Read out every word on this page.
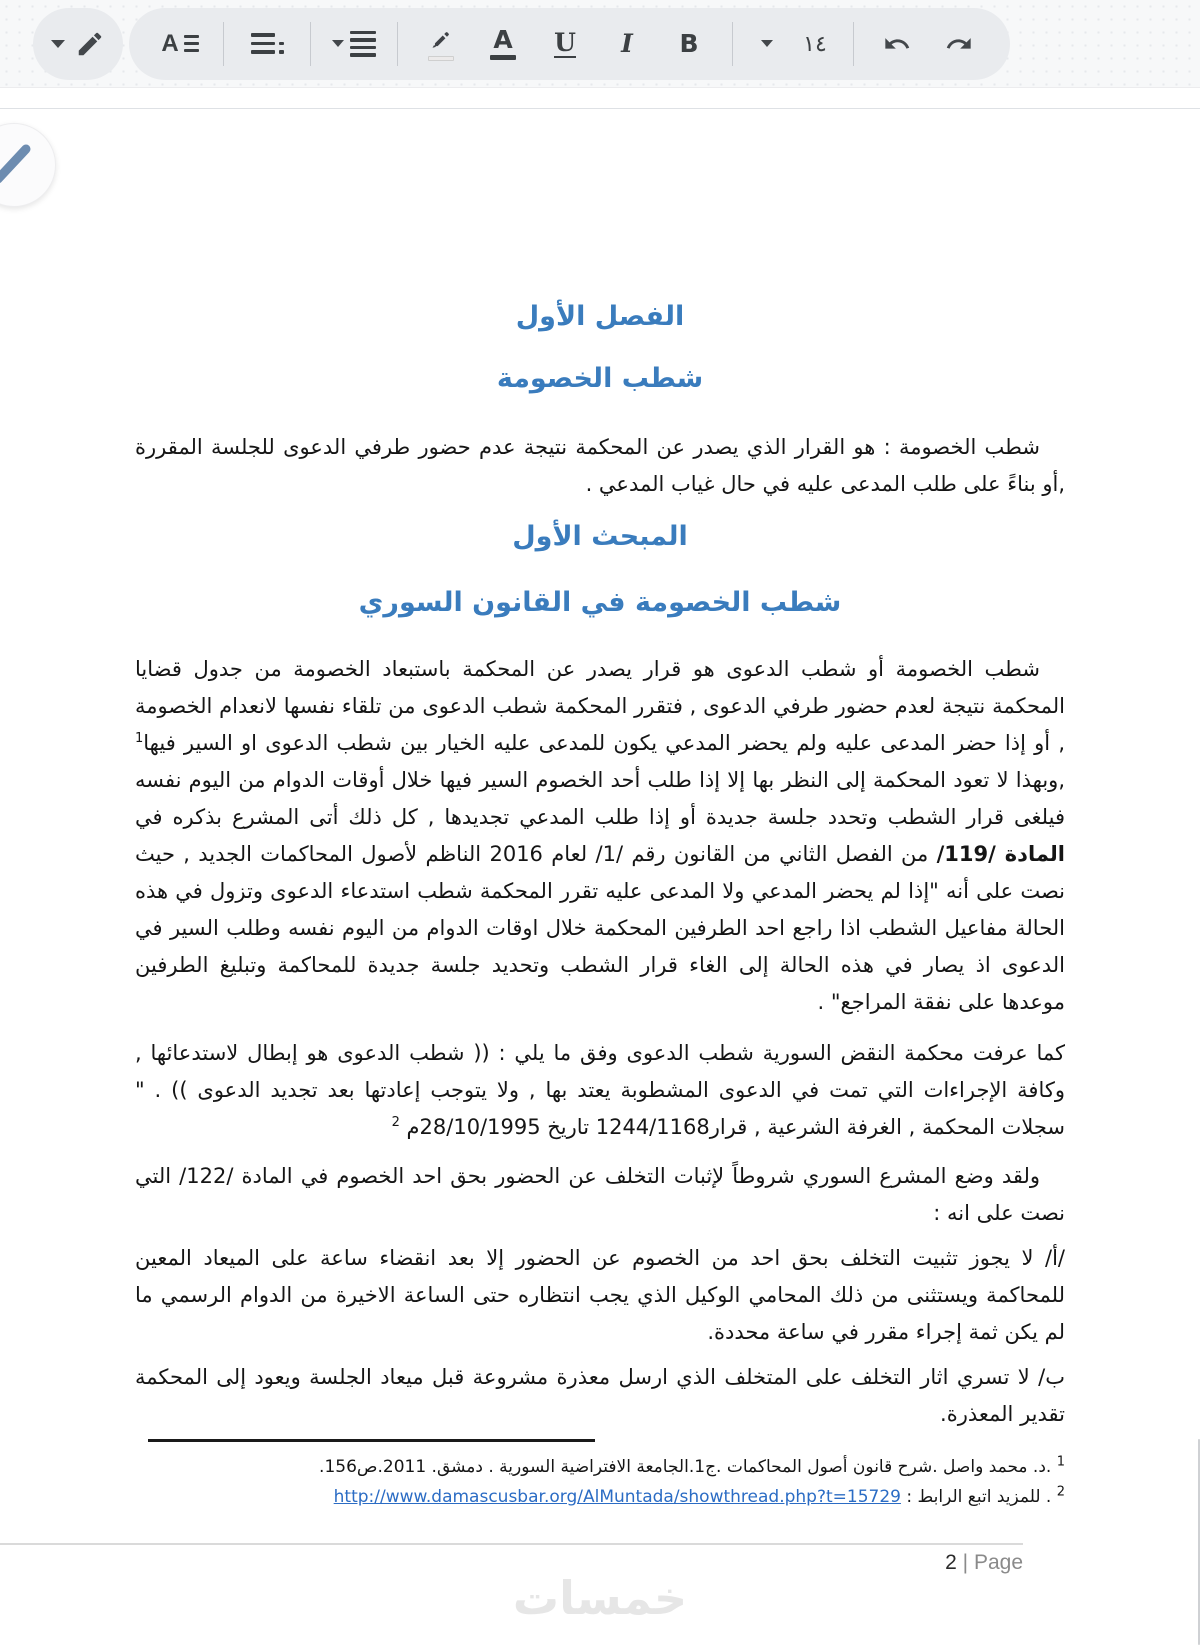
A	A U I B	١٤
الفصل الأول
شطب الخصومة

شطب الخصومة : هو القرار الذي يصدر عن المحكمة نتيجة عدم حضور طرفي الدعوى للجلسة المقررة ,أو بناءً على طلب المدعى عليه في حال غياب المدعي .

المبحث الأول
شطب الخصومة في القانون السوري

شطب الخصومة أو شطب الدعوى هو قرار يصدر عن المحكمة باستبعاد الخصومة من جدول قضايا المحكمة نتيجة لعدم حضور طرفي الدعوى , فتقرر المحكمة شطب الدعوى من تلقاء نفسها لانعدام الخصومة , أو إذا حضر المدعى عليه ولم يحضر المدعي يكون للمدعى عليه الخيار بين شطب الدعوى او السير فيها$^1$ ,وبهذا لا تعود المحكمة إلى النظر بها إلا إذا طلب أحد الخصوم السير فيها خلال أوقات الدوام من اليوم نفسه فيلغى قرار الشطب وتحدد جلسة جديدة أو إذا طلب المدعي تجديدها , كل ذلك أتى المشرع بذكره في المادة /119/ من الفصل الثاني من القانون رقم /1/ لعام 2016 الناظم لأصول المحاكمات الجديد , حيث نصت على أنه "إذا لم يحضر المدعي ولا المدعى عليه تقرر المحكمة شطب استدعاء الدعوى وتزول في هذه الحالة مفاعيل الشطب اذا راجع احد الطرفين المحكمة خلال اوقات الدوام من اليوم نفسه وطلب السير في الدعوى اذ يصار في هذه الحالة إلى الغاء قرار الشطب وتحديد جلسة جديدة للمحاكمة وتبليغ الطرفين موعدها على نفقة المراجع" .

كما عرفت محكمة النقض السورية شطب الدعوى وفق ما يلي : (( شطب الدعوى هو إبطال لاستدعائها , وكافة الإجراءات التي تمت في الدعوى المشطوبة يعتد بها , ولا يتوجب إعادتها بعد تجديد الدعوى )) . " سجلات المحكمة , الغرفة الشرعية , قرار1244/1168 تاريخ 28/10/1995م $^2$

ولقد وضع المشرع السوري شروطاً لإثبات التخلف عن الحضور بحق احد الخصوم في المادة /122/ التي نصت على انه :

/أ/ لا يجوز تثبيت التخلف بحق احد من الخصوم عن الحضور إلا بعد انقضاء ساعة على الميعاد المعين للمحاكمة ويستثنى من ذلك المحامي الوكيل الذي يجب انتظاره حتى الساعة الاخيرة من الدوام الرسمي ما لم يكن ثمة إجراء مقرر في ساعة محددة.

ب/ لا تسري اثار التخلف على المتخلف الذي ارسل معذرة مشروعة قبل ميعاد الجلسة ويعود إلى المحكمة تقدير المعذرة.

$^1$ .د. محمد واصل .شرح قانون أصول المحاكمات .ج1.الجامعة الافتراضية السورية . دمشق. 2011.ص156.

$^2$ . للمزيد اتبع الرابط : http://www.damascusbar.org/AlMuntada/showthread.php?t=15729

2 | Page
خمسات
